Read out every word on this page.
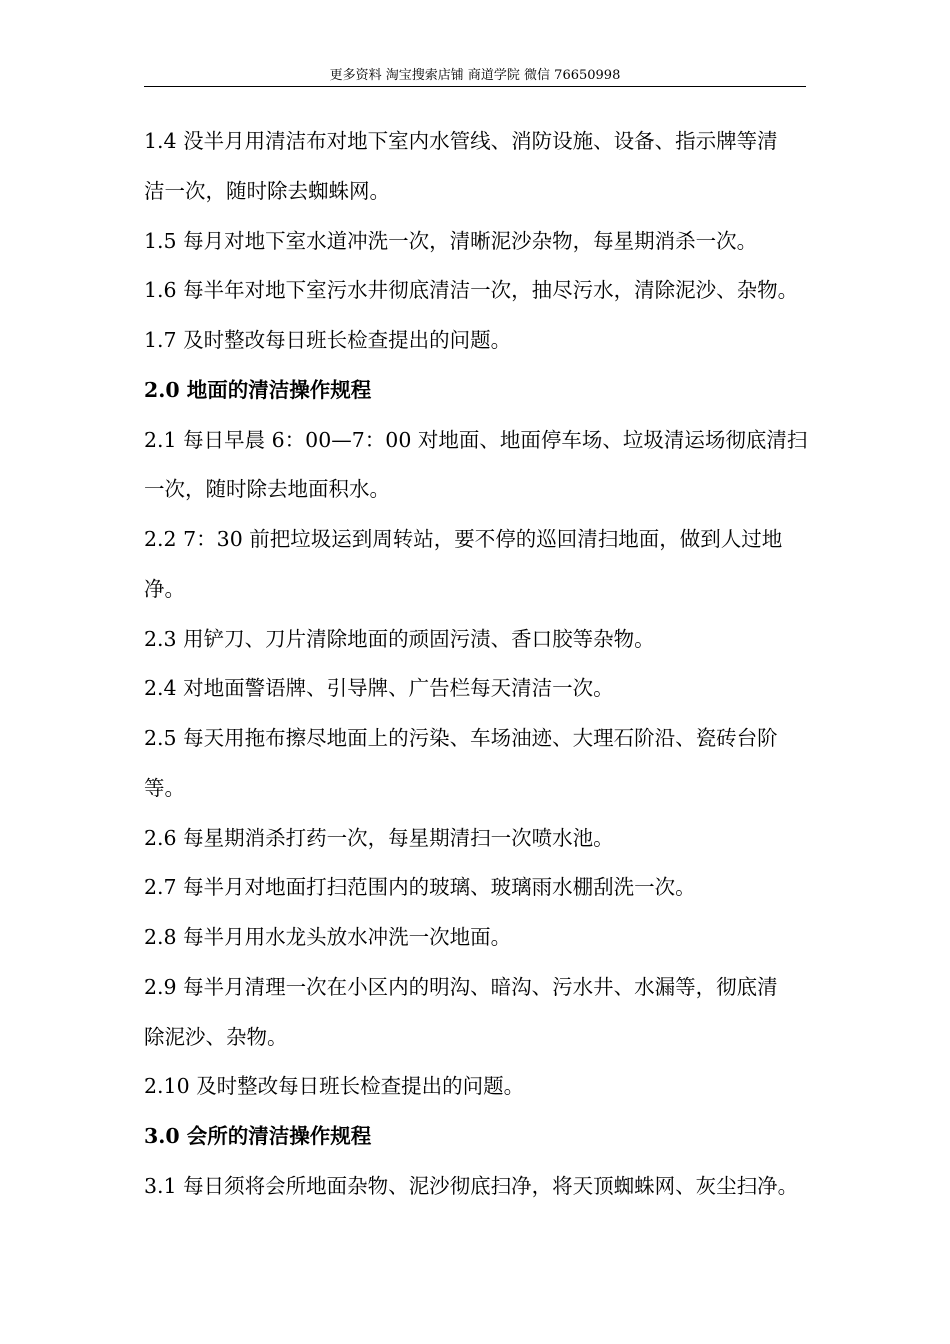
更多资料 淘宝搜索店铺 商道学院 微信 76650998
1.4 没半月用清洁布对地下室内水管线、消防设施、设备、指示牌等清
洁一次，随时除去蜘蛛网。
1.5 每月对地下室水道冲洗一次，清晰泥沙杂物，每星期消杀一次。
1.6 每半年对地下室污水井彻底清洁一次，抽尽污水，清除泥沙、杂物。
1.7 及时整改每日班长检查提出的问题。
2.0 地面的清洁操作规程
2.1 每日早晨 6：00—7：00 对地面、地面停车场、垃圾清运场彻底清扫
一次，随时除去地面积水。
2.2 7：30 前把垃圾运到周转站，要不停的巡回清扫地面，做到人过地
净。
2.3 用铲刀、刀片清除地面的顽固污渍、香口胶等杂物。
2.4 对地面警语牌、引导牌、广告栏每天清洁一次。
2.5 每天用拖布擦尽地面上的污染、车场油迹、大理石阶沿、瓷砖台阶
等。
2.6 每星期消杀打药一次，每星期清扫一次喷水池。
2.7 每半月对地面打扫范围内的玻璃、玻璃雨水棚刮洗一次。
2.8 每半月用水龙头放水冲洗一次地面。
2.9 每半月清理一次在小区内的明沟、暗沟、污水井、水漏等，彻底清
除泥沙、杂物。
2.10 及时整改每日班长检查提出的问题。
3.0 会所的清洁操作规程
3.1 每日须将会所地面杂物、泥沙彻底扫净，将天顶蜘蛛网、灰尘扫净。
